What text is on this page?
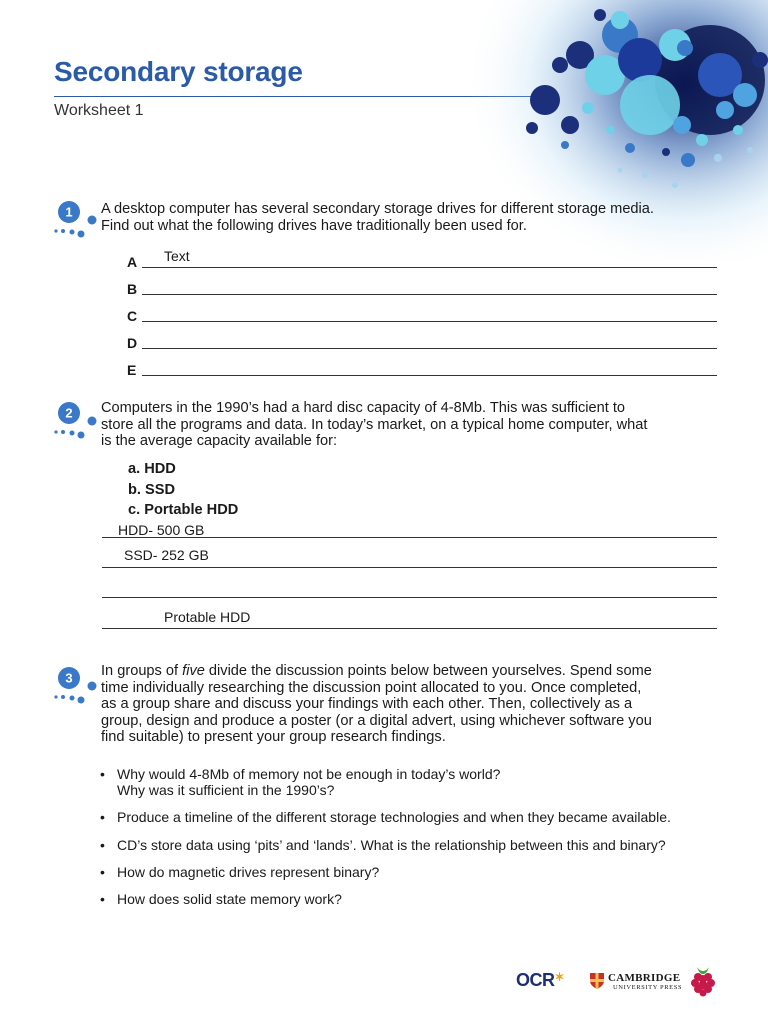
Secondary storage
Worksheet 1
1 A desktop computer has several secondary storage drives for different storage media.
Find out what the following drives have traditionally been used for.
A Text
B
C
D
E
2 Computers in the 1990’s had a hard disc capacity of 4-8Mb. This was sufficient to
store all the programs and data. In today’s market, on a typical home computer, what
is the average capacity available for:
a. HDD
b. SSD
c. Portable HDD
HDD- 500 GB
SSD- 252 GB
Protable HDD
3 In groups of five divide the discussion points below between yourselves. Spend some
time individually researching the discussion point allocated to you. Once completed,
as a group share and discuss your findings with each other. Then, collectively as a
group, design and produce a poster (or a digital advert, using whichever software you
find suitable) to present your group research findings.
• Why would 4-8Mb of memory not be enough in today’s world?
Why was it sufficient in the 1990’s?
• Produce a timeline of the different storage technologies and when they became available.
• CD’s store data using ‘pits’ and ‘lands’. What is the relationship between this and binary?
• How do magnetic drives represent binary?
• How does solid state memory work?
OCR✶	CAMBRIDGE
UNIVERSITY PRESS
